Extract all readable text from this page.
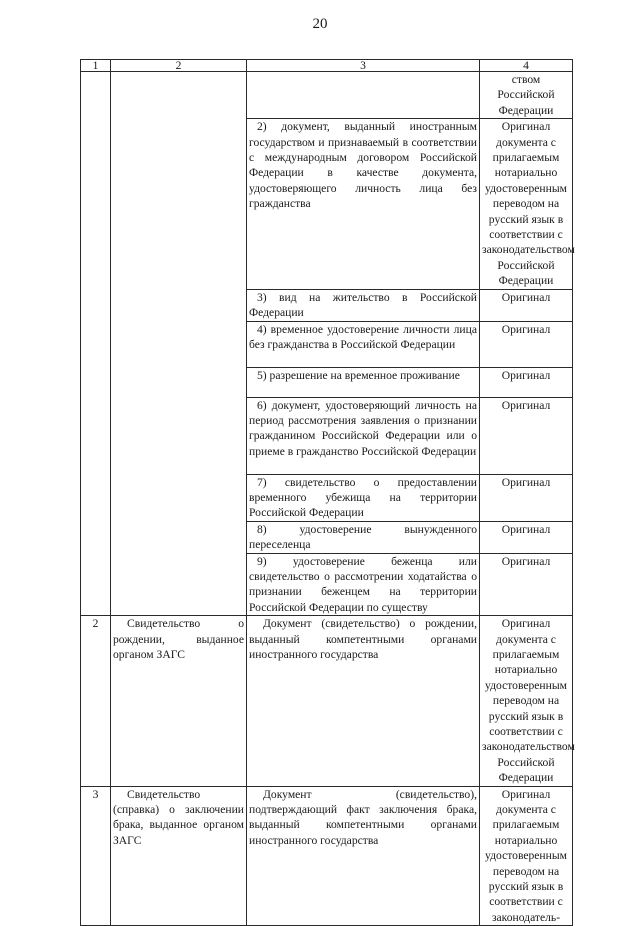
20
1	2	3	4
			ством Российской Федерации
		2) документ, выданный иностранным государством и признаваемый в соответствии с международным договором Российской Федерации в качестве документа, удостоверяющего личность лица без гражданства	Оригинал документа с прилагаемым нотариально удостоверенным переводом на русский язык в соответствии с законодательством Российской Федерации
		3) вид на жительство в Российской Федерации	Оригинал
		4) временное удостоверение личности лица без гражданства в Российской Федерации	Оригинал
		5) разрешение на временное проживание	Оригинал
		6) документ, удостоверяющий личность на период рассмотрения заявления о признании гражданином Российской Федерации или о приеме в гражданство Российской Федерации	Оригинал
		7) свидетельство о предоставлении временного убежища на территории Российской Федерации	Оригинал
		8) удостоверение вынужденного переселенца	Оригинал
		9) удостоверение беженца или свидетельство о рассмотрении ходатайства о признании беженцем на территории Российской Федерации по существу	Оригинал
2	Свидетельство о рождении, выданное органом ЗАГС	Документ (свидетельство) о рождении, выданный компетентными органами иностранного государства	Оригинал документа с прилагаемым нотариально удостоверенным переводом на русский язык в соответствии с законодательством Российской Федерации
3	Свидетельство (справка) о заключении брака, выданное органом ЗАГС	Документ (свидетельство), подтверждающий факт заключения брака, выданный компетентными органами иностранного государства	Оригинал документа с прилагаемым нотариально удостоверенным переводом на русский язык в соответствии с законодатель-
